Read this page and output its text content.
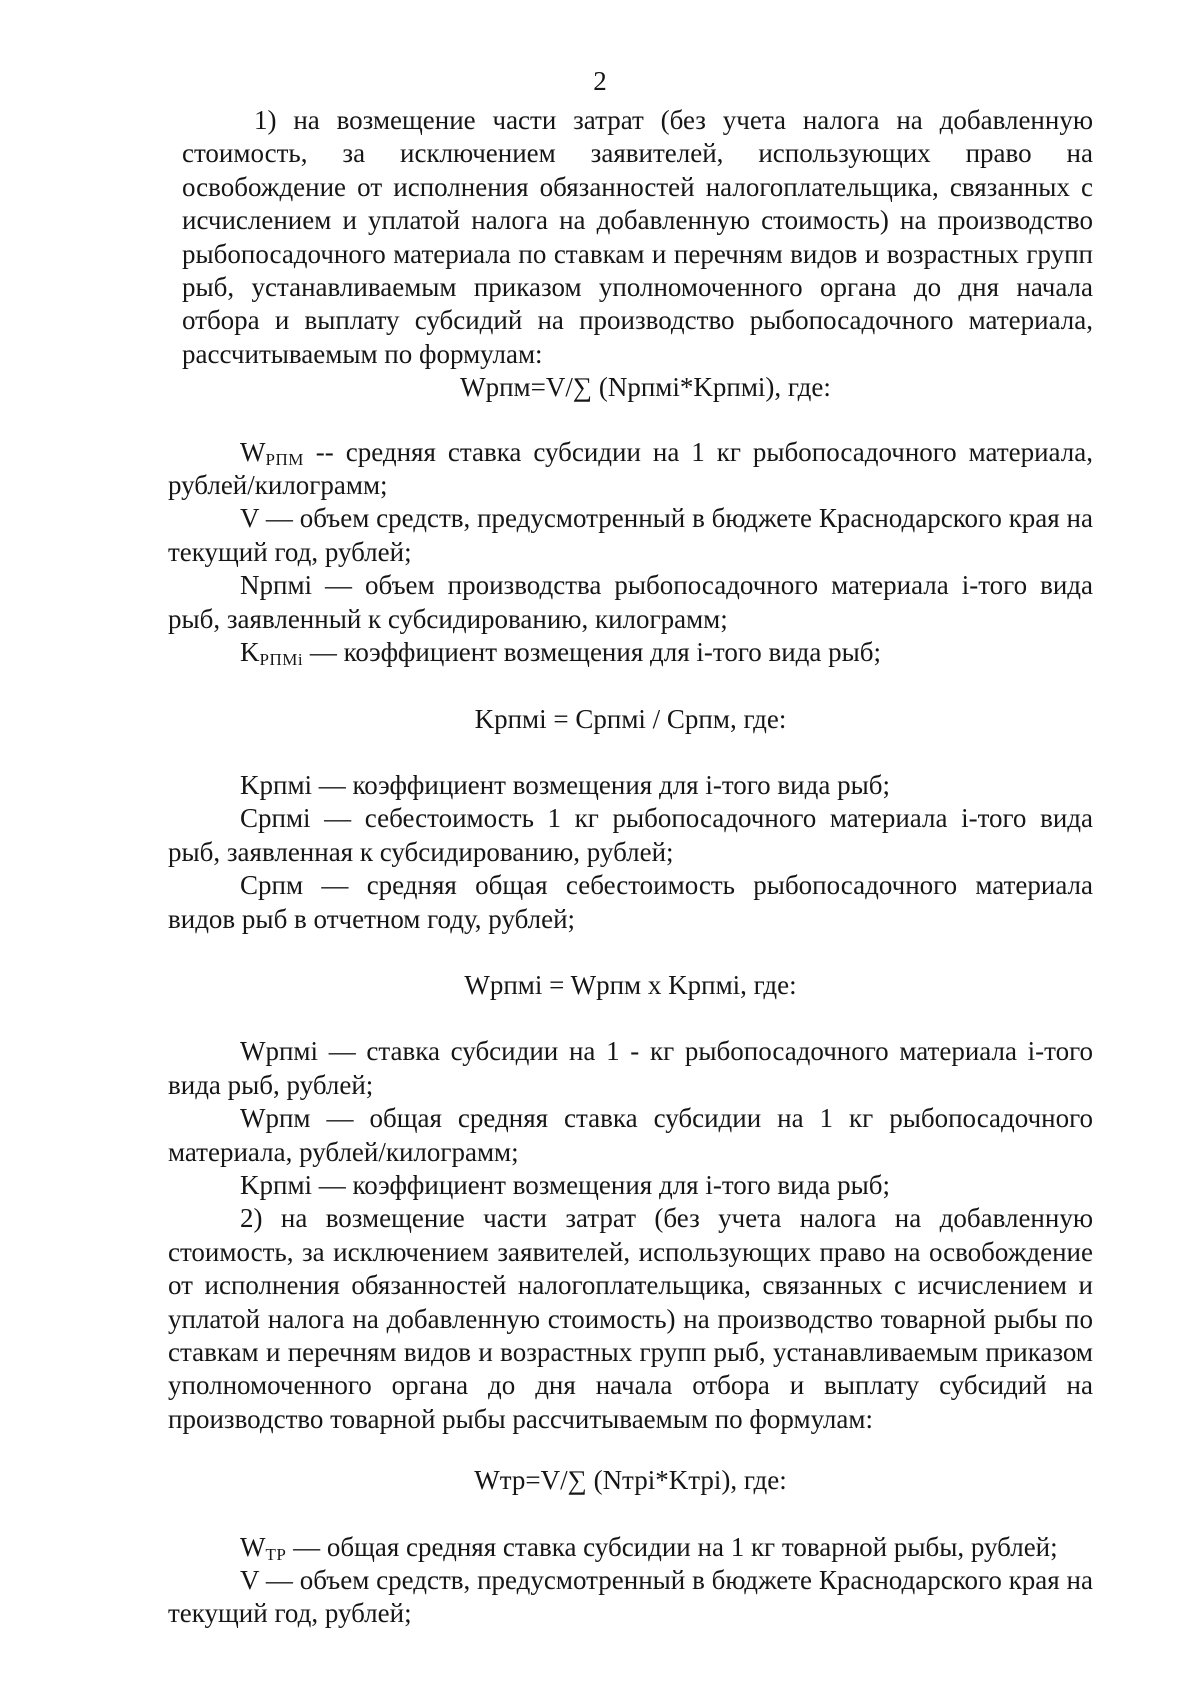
2

1) на возмещение части затрат (без учета налога на добавленную стоимость, за исключением заявителей, использующих право на освобождение от исполнения обязанностей налогоплательщика, связанных с исчислением и уплатой налога на добавленную стоимость) на производство рыбопосадочного материала по ставкам и перечням видов и возрастных групп рыб, устанавливаемым приказом уполномоченного органа до дня начала отбора и выплату субсидий на производство рыбопосадочного материала,

рассчитываемым по формулам:

Wрпм=V/∑ (Nрпмi*Kрпмi), где:

$W_{РПМ}$ -- средняя ставка субсидии на 1 кг рыбопосадочного материала, рублей/килограмм;

V — объем средств, предусмотренный в бюджете Краснодарского края на текущий год, рублей;

Nрпмi — объем производства рыбопосадочного материала i-того вида рыб, заявленный к субсидированию, килограмм;

$K_{РПМi}$ — коэффициент возмещения для i-того вида рыб;

Kрпмi = Cрпмi / Cрпм, где:

Kрпмi — коэффициент возмещения для i-того вида рыб;

Cрпмi — себестоимость 1 кг рыбопосадочного материала i-того вида рыб, заявленная к субсидированию, рублей;

Cрпм — средняя общая себестоимость рыбопосадочного материала видов рыб в отчетном году, рублей;

Wрпмi = Wрпм х Kрпмi, где:

Wрпмi — ставка субсидии на 1 - кг рыбопосадочного материала i-того вида рыб, рублей;

Wрпм — общая средняя ставка субсидии на 1 кг рыбопосадочного материала, рублей/килограмм;

Kрпмi — коэффициент возмещения для i-того вида рыб;

2) на возмещение части затрат (без учета налога на добавленную стоимость, за исключением заявителей, использующих право на освобождение от исполнения обязанностей налогоплательщика, связанных с исчислением и уплатой налога на добавленную стоимость) на производство товарной рыбы по ставкам и перечням видов и возрастных групп рыб, устанавливаемым приказом уполномоченного органа до дня начала отбора и выплату субсидий на производство товарной рыбы рассчитываемым по формулам:

Wтр=V/∑ (Nтрi*Kтрi), где:

$W_{ТР}$ — общая средняя ставка субсидии на 1 кг товарной рыбы, рублей;

V — объем средств, предусмотренный в бюджете Краснодарского края на текущий год, рублей;
